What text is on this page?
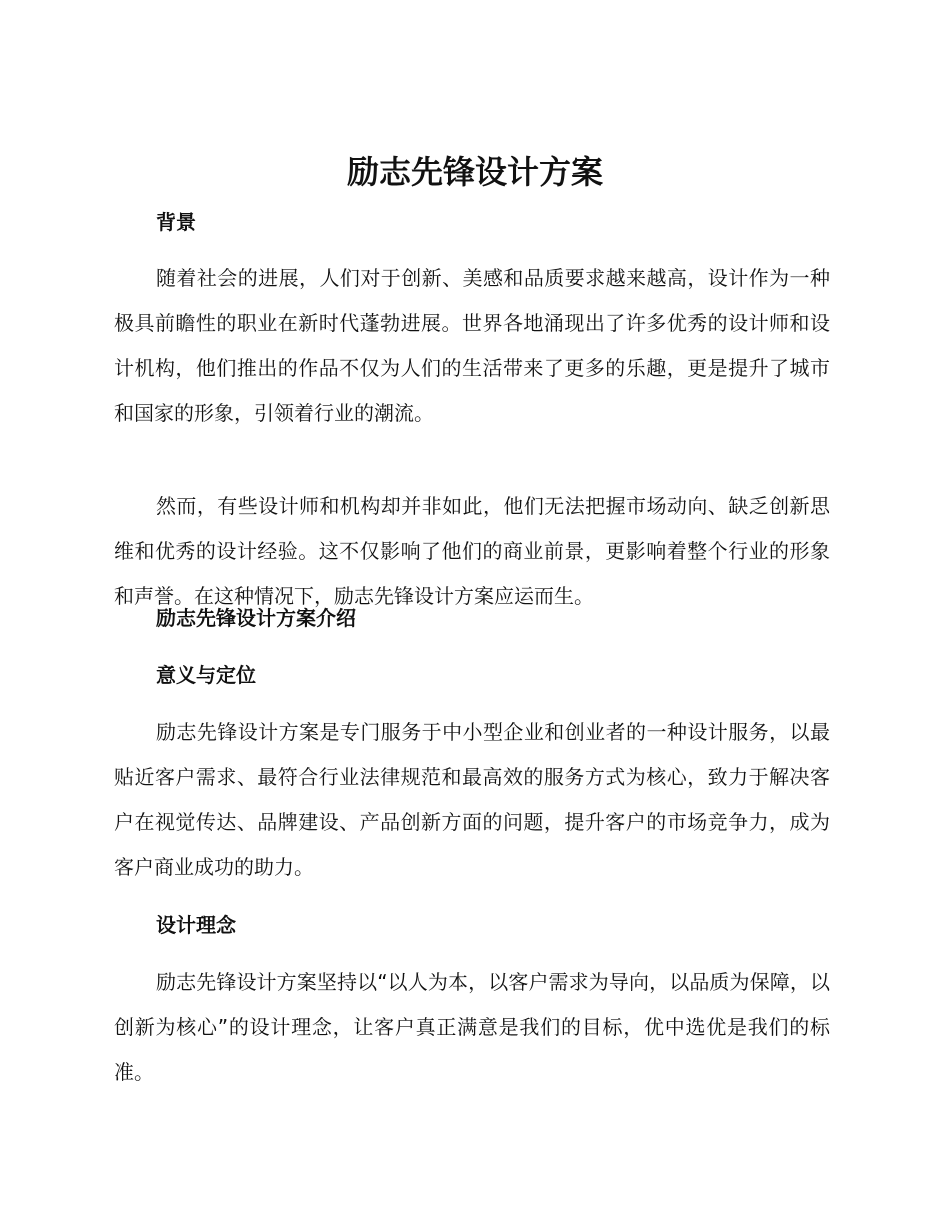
励志先锋设计方案
背景

随着社会的进展，人们对于创新、美感和品质要求越来越高，设计作为一种极具前瞻性的职业在新时代蓬勃进展。世界各地涌现出了许多优秀的设计师和设计机构，他们推出的作品不仅为人们的生活带来了更多的乐趣，更是提升了城市和国家的形象，引领着行业的潮流。

然而，有些设计师和机构却并非如此，他们无法把握市场动向、缺乏创新思维和优秀的设计经验。这不仅影响了他们的商业前景，更影响着整个行业的形象和声誉。在这种情况下，励志先锋设计方案应运而生。

励志先锋设计方案介绍
意义与定位

励志先锋设计方案是专门服务于中小型企业和创业者的一种设计服务，以最贴近客户需求、最符合行业法律规范和最高效的服务方式为核心，致力于解决客户在视觉传达、品牌建设、产品创新方面的问题，提升客户的市场竞争力，成为客户商业成功的助力。

设计理念

励志先锋设计方案坚持以“以人为本，以客户需求为导向，以品质为保障，以创新为核心”的设计理念，让客户真正满意是我们的目标，优中选优是我们的标准。
